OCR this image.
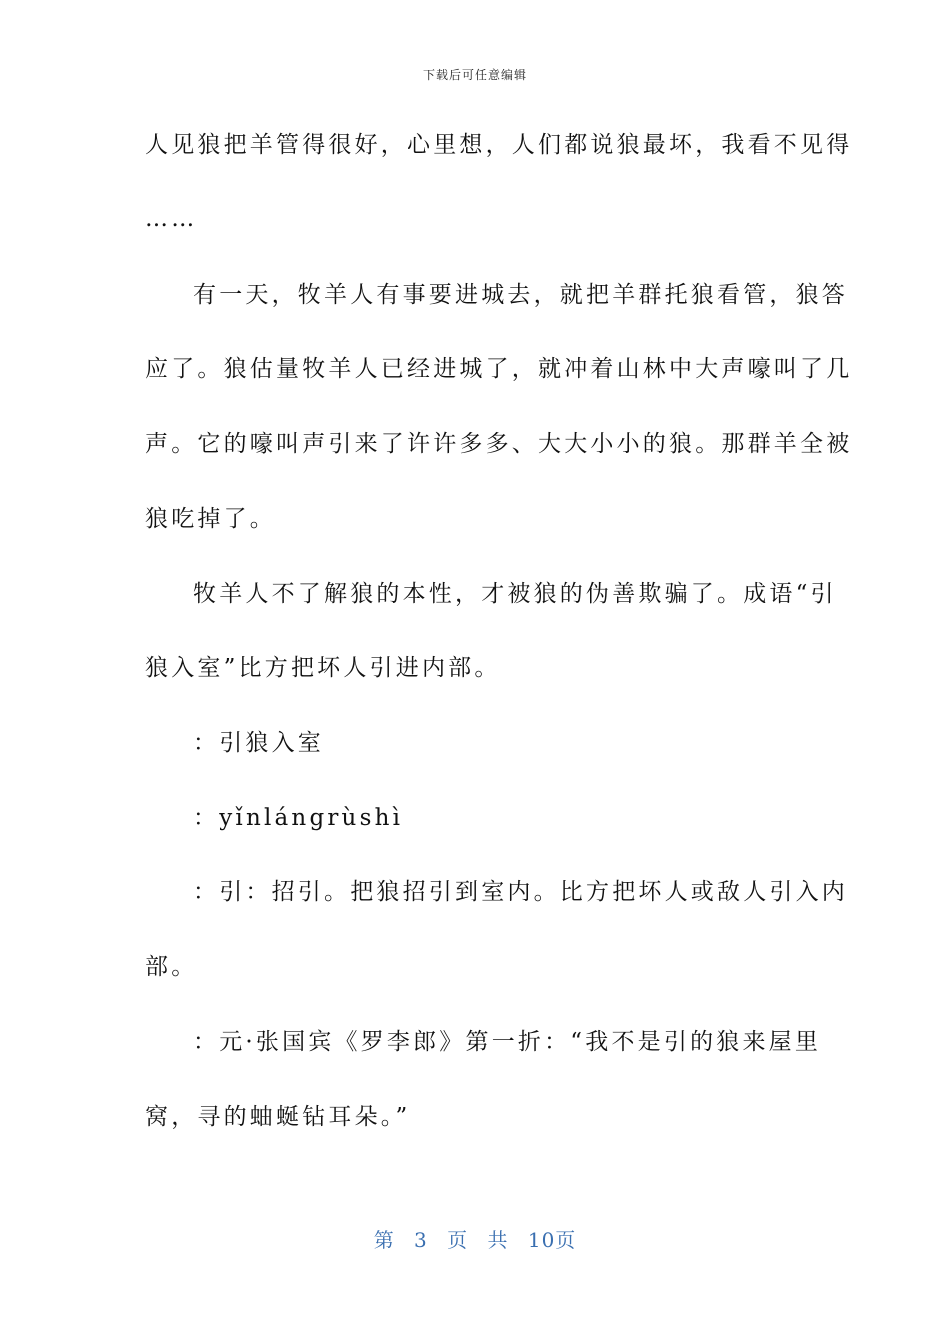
下载后可任意编辑
人见狼把羊管得很好，心里想，人们都说狼最坏，我看不见得
……
有一天，牧羊人有事要进城去，就把羊群托狼看管，狼答
应了。狼估量牧羊人已经进城了，就冲着山林中大声嚎叫了几
声。它的嚎叫声引来了许许多多、大大小小的狼。那群羊全被
狼吃掉了。
牧羊人不了解狼的本性，才被狼的伪善欺骗了。成语“引
狼入室”比方把坏人引进内部。
：引狼入室
：yǐnlángrùshì
：引：招引。把狼招引到室内。比方把坏人或敌人引入内
部。
：元·张国宾《罗李郎》第一折：“我不是引的狼来屋里
窝，寻的蚰蜒钻耳朵。”
第 3 页 共 10页
